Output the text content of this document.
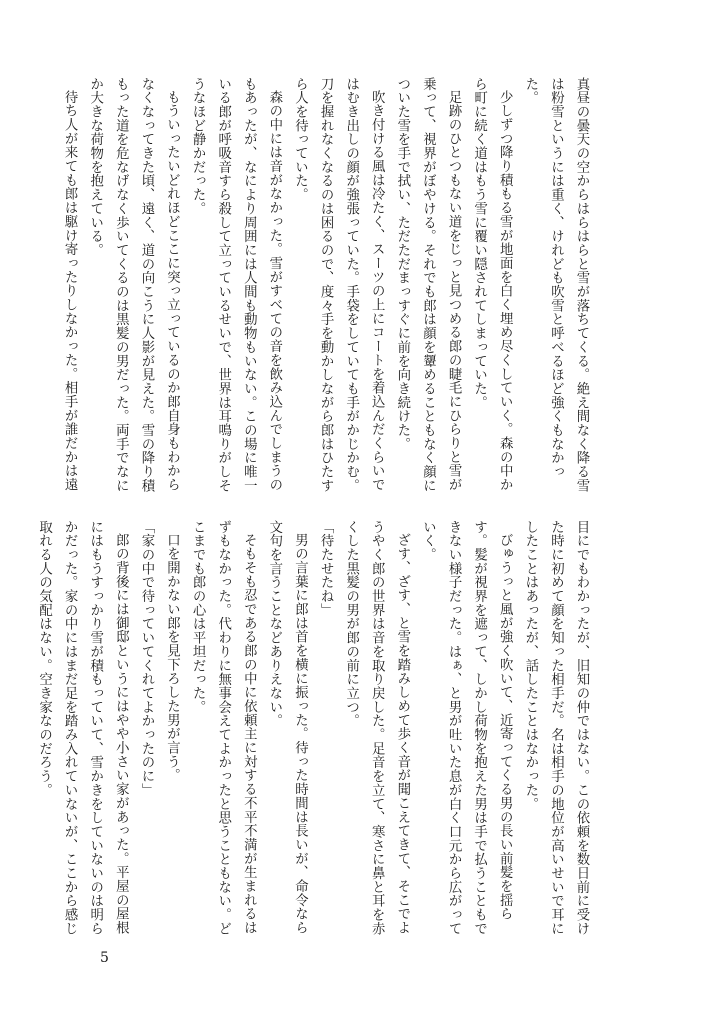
真昼の曇天の空からはらはらと雪が落ちてくる。絶え間なく降る雪は粉雪というには重く、けれども吹雪と呼べるほど強くもなかった。

少しずつ降り積もる雪が地面を白く埋め尽くしていく。森の中から町に続く道はもう雪に覆い隠されてしまっていた。

足跡のひとつもない道をじっと見つめる郎の睫毛にひらりと雪が乗って、視界がぼやける。それでも郎は顔を顰めることもなく顔についた雪を手で拭い、ただただまっすぐに前を向き続けた。

吹き付ける風は冷たく、スーツの上にコートを着込んだくらいではむき出しの顔が強張っていた。手袋をしていても手がかじかむ。刀を握れなくなるのは困るので、度々手を動かしながら郎はひたすら人を待っていた。

森の中には音がなかった。雪がすべての音を飲み込んでしまうのもあったが、なにより周囲には人間も動物もいない。この場に唯一いる郎が呼吸音すら殺して立っているせいで、世界は耳鳴りがしそうなほど静かだった。

もういったいどれほどここに突っ立っているのか郎自身もわからなくなってきた頃、遠く、道の向こうに人影が見えた。雪の降り積もった道を危なげなく歩いてくるのは黒髪の男だった。両手でなにか大きな荷物を抱えている。

待ち人が来ても郎は駆け寄ったりしなかった。相手が誰だかは遠

目にでもわかったが、旧知の仲ではない。この依頼を数日前に受けた時に初めて顔を知った相手だ。名は相手の地位が高いせいで耳にしたことはあったが、話したことはなかった。

びゅうっと風が強く吹いて、近寄ってくる男の長い前髪を揺らす。髪が視界を遮って、しかし荷物を抱えた男は手で払うこともできない様子だった。はぁ、と男が吐いた息が白く口元から広がっていく。

ざす、ざす、と雪を踏みしめて歩く音が聞こえてきて、そこでようやく郎の世界は音を取り戻した。足音を立て、寒さに鼻と耳を赤くした黒髪の男が郎の前に立つ。

「待たせたね」

男の言葉に郎は首を横に振った。待った時間は長いが、命令なら文句を言うことなどありえない。

そもそも忍である郎の中に依頼主に対する不平不満が生まれるはずもなかった。代わりに無事会えてよかったと思うこともない。どこまでも郎の心は平坦だった。

口を開かない郎を見下ろした男が言う。

「家の中で待っていてくれてよかったのに」

郎の背後には御邸というにはやや小さい家があった。平屋の屋根にはもうすっかり雪が積もっていて、雪かきをしていないのは明らかだった。家の中にはまだ足を踏み入れていないが、ここから感じ取れる人の気配はない。空き家なのだろう。

5
